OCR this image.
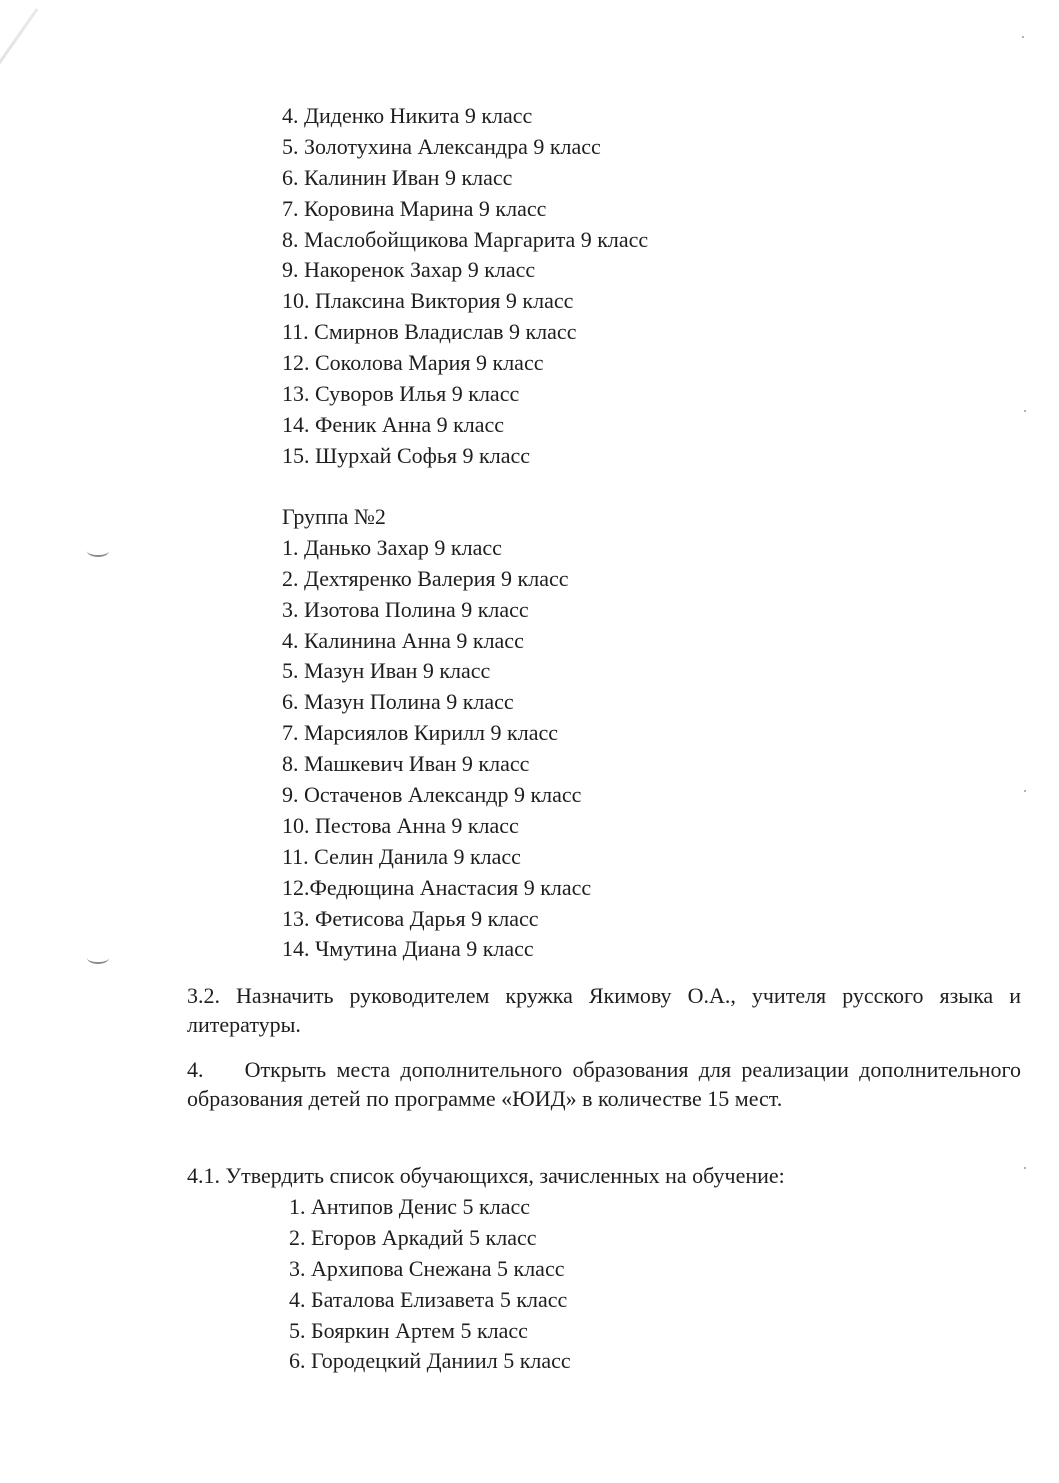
4. Диденко Никита 9 класс
5. Золотухина Александра 9 класс
6. Калинин Иван 9 класс
7. Коровина Марина 9 класс
8. Маслобойщикова Маргарита 9 класс
9. Накоренок Захар 9 класс
10. Плаксина Виктория 9 класс
11. Смирнов Владислав 9 класс
12. Соколова Мария 9 класс
13. Суворов Илья 9 класс
14. Феник Анна 9 класс
15. Шурхай Софья 9 класс
Группа №2
1. Данько Захар 9 класс
2. Дехтяренко Валерия 9 класс
3. Изотова Полина 9 класс
4. Калинина Анна 9 класс
5. Мазун Иван 9 класс
6. Мазун Полина 9 класс
7. Марсиялов Кирилл 9 класс
8. Машкевич Иван 9 класс
9. Остаченов Александр 9 класс
10. Пестова Анна 9 класс
11. Селин Данила 9 класс
12.Федющина Анастасия 9 класс
13. Фетисова Дарья 9 класс
14. Чмутина Диана 9 класс

3.2. Назначить руководителем кружка Якимову О.А., учителя русского языка и литературы.

4.    Открыть места дополнительного образования для реализации дополнительного образования детей по программе «ЮИД» в количестве 15 мест.

4.1. Утвердить список обучающихся, зачисленных на обучение:

1. Антипов Денис 5 класс
2. Егоров Аркадий 5 класс
3. Архипова Снежана 5 класс
4. Баталова Елизавета 5 класс
5. Бояркин Артем 5 класс
6. Городецкий Даниил 5 класс
